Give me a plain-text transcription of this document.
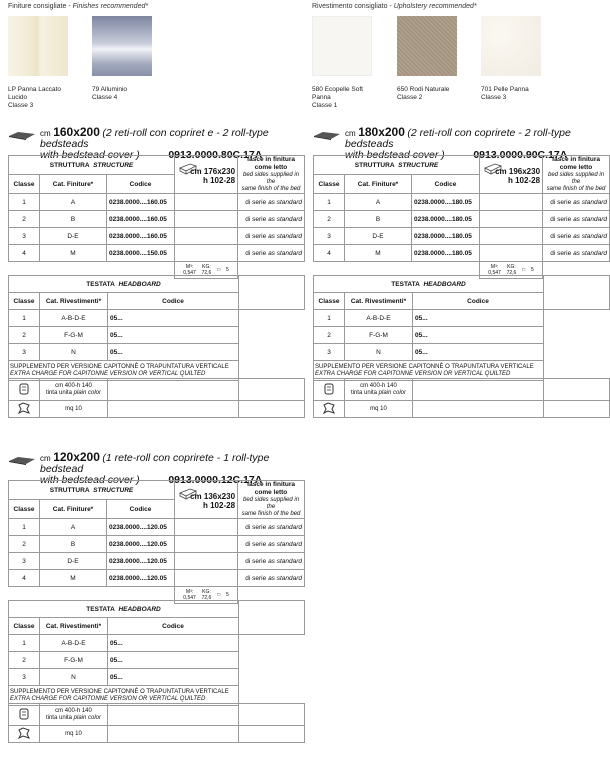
Finiture consigliate - Finishes recommended*	Rivestimento consigliato - Upholstery recommended*
LP Panna Laccato
Lucido
Classe 3
79 Alluminio
Classe 4
580 Ecopelle Soft
Panna
Classe 1
650 Rodi Naturale
Classe 2
701 Pelle Panna
Classe 3
cm 160x200 (2 reti-roll con copriret e - 2 roll-type bedsteads
with bedstead cover )	0913.0000.80C.17A
STRUTTURA STRUCTURE			cm 176x230
h 102-28	fasce in finitura
come letto
bed sides supplied in the
same finish of the bed
Classe	Cat. Finiture*	Codice		
1	A	0238.0000....160.05		di serie as standard
2	B	0238.0000....160.05		di serie as standard
3	D-E	0238.0000....160.05		di serie as standard
4	M	0238.0000....150.05		di serie as standard
			M³:
0,547 KG:
72,6 □ 5	
TESTATA HEADBOARD			
Classe	Cat. Rivestimenti*	Codice	
1	A-B-D-E	05...	
2	F-G-M	05...	
3	N	05...	
SUPPLEMENTO PER VERSIONE CAPITONNÈ O TRAPUNTATURA VERTICALE
EXTRA CHARGE FOR CAPITONNE VERSION OR VERTICAL QUILTED			
	cm 400-h 140
tinta unita plain color		
	mq 10		
cm 180x200 (2 reti-roll con coprirete - 2 roll-type bedsteads
with bedstead cover )	0913.0000.90C.17A
STRUTTURA STRUCTURE			cm 196x230
h 102-28	fasce in finitura
come letto
bed sides supplied in the
same finish of the bed
Classe	Cat. Finiture*	Codice		
1	A	0238.0000....180.05		di serie as standard
2	B	0238.0000....180.05		di serie as standard
3	D-E	0238.0000....180.05		di serie as standard
4	M	0238.0000....180.05		di serie as standard
			M³:
0,547 KG:
72,6 □ 5	
TESTATA HEADBOARD			
Classe	Cat. Rivestimenti*	Codice	
1	A-B-D-E	05...	
2	F-G-M	05...	
3	N	05...	
SUPPLEMENTO PER VERSIONE CAPITONNÈ O TRAPUNTATURA VERTICALE
EXTRA CHARGE FOR CAPITONNE VERSION OR VERTICAL QUILTED			
	cm 400-h 140
tinta unita plain color		
	mq 10		
cm 120x200 (1 rete-roll con coprirete - 1 roll-type bedstead
with bedstead cover )	0913.0000.12C.17A
STRUTTURA STRUCTURE			cm 136x230
h 102-28	fasce in finitura
come letto
bed sides supplied in the
same finish of the bed
Classe	Cat. Finiture*	Codice		
1	A	0238.0000....120.05		di serie as standard
2	B	0238.0000....120.05		di serie as standard
3	D-E	0238.0000....120.05		di serie as standard
4	M	0238.0000....120.05		di serie as standard
			M³:
0,547 KG:
72,6 □ 5	
TESTATA HEADBOARD			
Classe	Cat. Rivestimenti*	Codice	
1	A-B-D-E	05...	
2	F-G-M	05...	
3	N	05...	
SUPPLEMENTO PER VERSIONE CAPITONNÈ O TRAPUNTATURA VERTICALE
EXTRA CHARGE FOR CAPITONNE VERSION OR VERTICAL QUILTED			
	cm 400-h 140
tinta unita plain color		
	mq 10		
